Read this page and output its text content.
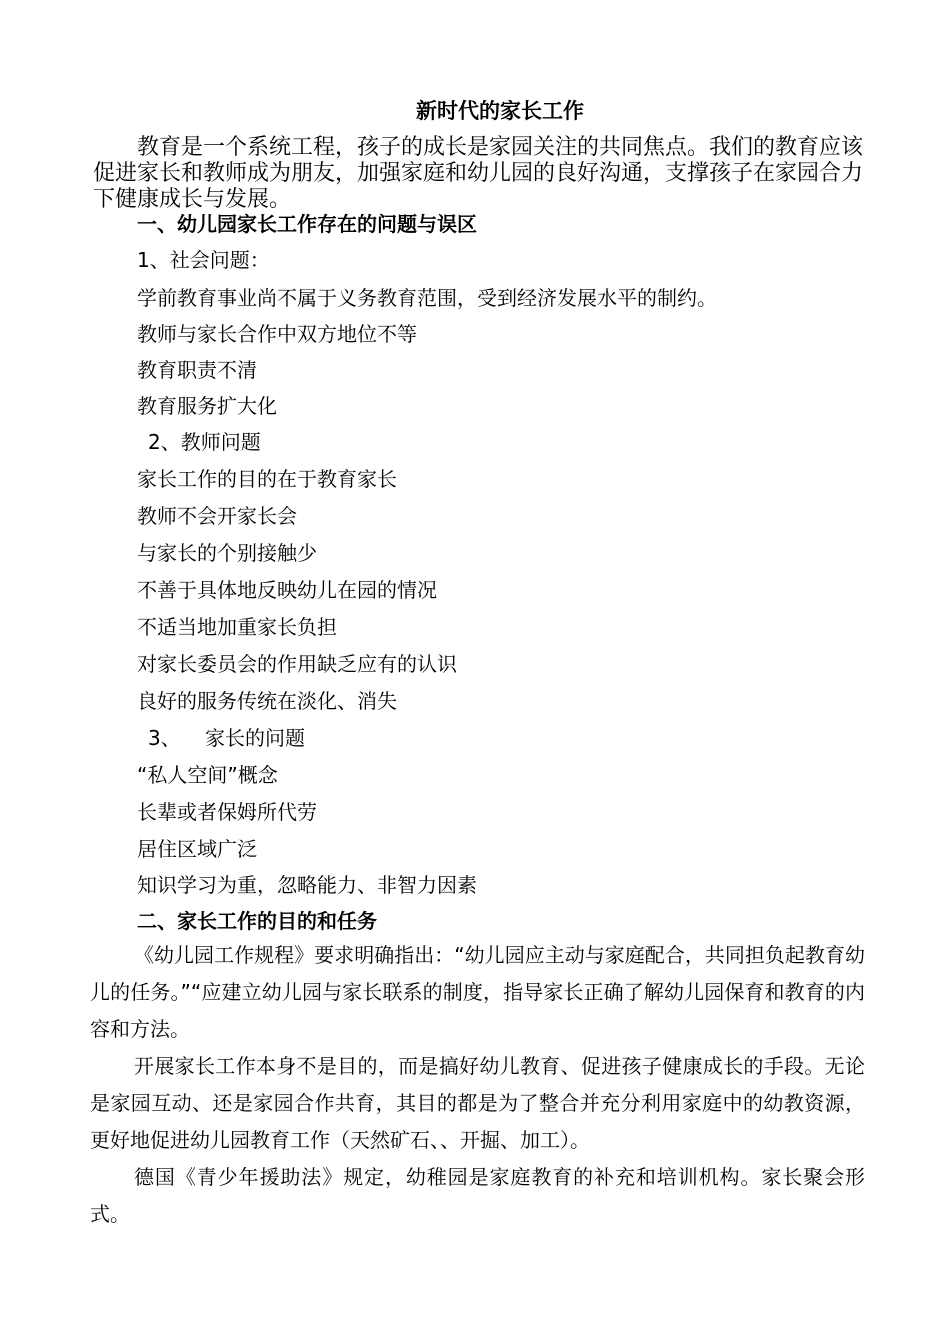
新时代的家长工作
教育是一个系统工程，孩子的成长是家园关注的共同焦点。我们的教育应该促进家长和教师成为朋友，加强家庭和幼儿园的良好沟通，支撑孩子在家园合力下健康成长与发展。
一、幼儿园家长工作存在的问题与误区
1、社会问题：
学前教育事业尚不属于义务教育范围，受到经济发展水平的制约。
教师与家长合作中双方地位不等
教育职责不清
教育服务扩大化
2、教师问题
家长工作的目的在于教育家长
教师不会开家长会
与家长的个别接触少
不善于具体地反映幼儿在园的情况
不适当地加重家长负担
对家长委员会的作用缺乏应有的认识
良好的服务传统在淡化、消失
3、 家长的问题
“私人空间”概念
长辈或者保姆所代劳
居住区域广泛
知识学习为重，忽略能力、非智力因素
二、家长工作的目的和任务
《幼儿园工作规程》要求明确指出：“幼儿园应主动与家庭配合，共同担负起教育幼儿的任务。”“应建立幼儿园与家长联系的制度，指导家长正确了解幼儿园保育和教育的内容和方法。
开展家长工作本身不是目的，而是搞好幼儿教育、促进孩子健康成长的手段。无论是家园互动、还是家园合作共育，其目的都是为了整合并充分利用家庭中的幼教资源，更好地促进幼儿园教育工作（天然矿石、、开掘、加工）。
德国《青少年援助法》规定，幼稚园是家庭教育的补充和培训机构。家长聚会形式。
